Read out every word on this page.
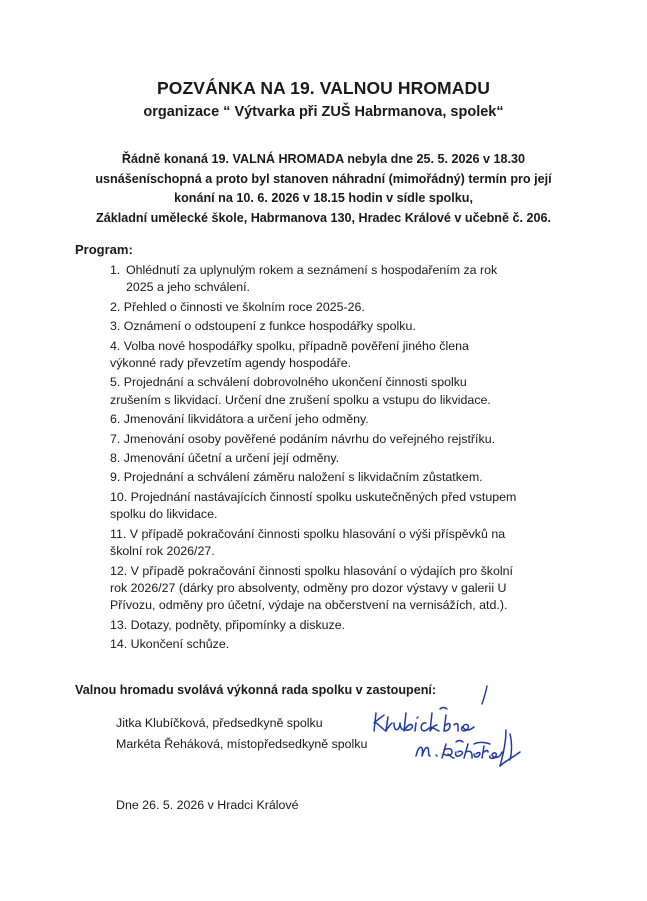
POZVÁNKA NA 19. VALNOU HROMADU
organizace “ Výtvarka při ZUŠ Habrmanova, spolek“
Řádně konaná 19. VALNÁ HROMADA nebyla dne 25. 5. 2026 v 18.30
usnášeníschopná a proto byl stanoven náhradní (mimořádný) termín pro její
konání na 10. 6. 2026 v 18.15 hodin v sídle spolku,
Základní umělecké škole, Habrmanova 130, Hradec Králové v učebně č. 206.
Program:
1. Ohlédnutí za uplynulým rokem a seznámení s hospodařením za rok
2025 a jeho schválení.
2. Přehled o činnosti ve školním roce 2025-26.
3. Oznámení o odstoupení z funkce hospodářky spolku.
4. Volba nové hospodářky spolku, případně pověření jiného člena
výkonné rady převzetím agendy hospodáře.
5. Projednání a schválení dobrovolného ukončení činnosti spolku
zrušením s likvidací. Určení dne zrušení spolku a vstupu do likvidace.
6. Jmenování likvidátora a určení jeho odměny.
7. Jmenování osoby pověřené podáním návrhu do veřejného rejstříku.
8. Jmenování účetní a určení její odměny.
9. Projednání a schválení záměru naložení s likvidačním zůstatkem.
10. Projednání nastávajících činností spolku uskutečněných před vstupem
spolku do likvidace.
11. V případě pokračování činnosti spolku hlasování o výši příspěvků na
školní rok 2026/27.
12. V případě pokračování činnosti spolku hlasování o výdajích pro školní
rok 2026/27 (dárky pro absolventy, odměny pro dozor výstavy v galerii U
Přívozu, odměny pro účetní, výdaje na občerstvení na vernisážích, atd.).
13. Dotazy, podněty, připomínky a diskuze.
14. Ukončení schůze.
Valnou hromadu svolává výkonná rada spolku v zastoupení:
Jitka Klubíčková, předsedkyně spolku
Markéta Řeháková, místopředsedkyně spolku
Dne 26. 5. 2026 v Hradci Králové
